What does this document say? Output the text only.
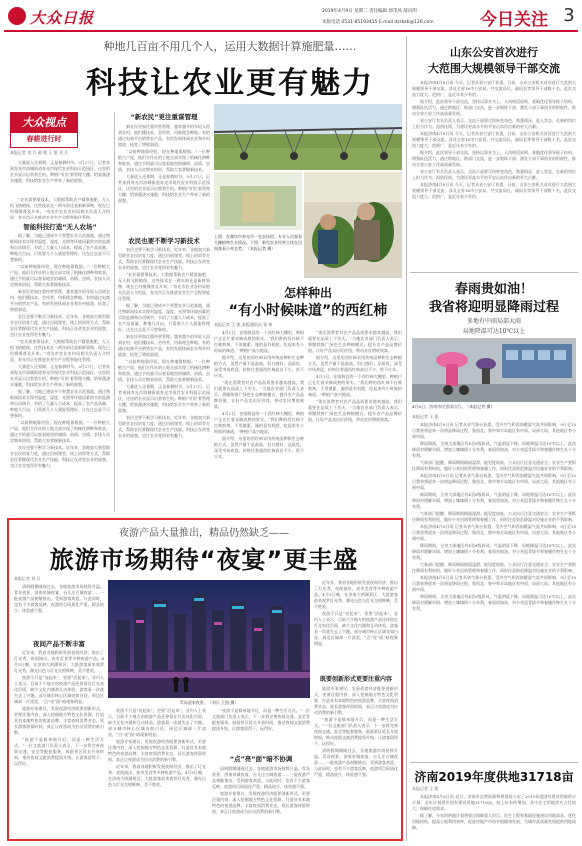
大众日报	2019年4月9日 星期二 责任编辑 郭茂凤 薛向明
本版电话 0531-85193415 E-mail dzrbzb@126.com	今日关注 3
种地几百亩不用几个人，运用大数据计算施肥量……
科技让农业更有魅力
大众视点
春耕进行时
本报记者 刘 兵 郝 桃 王 凯 刘 兵

大量进入还着期，正是春耕时节。3月27日，记者来到寿光市洛城街道寿光市现代农业科技示范园区，这里的农业显示出勃勃生机。种植户们忙着管理大棚，给果蔬浇水施肥，科技给农业生产带来了新的面貌。

“农业需要靠技术，大数据帮助农户精准施肥，无人机飞防植保，这些技术在一两年前还是新鲜事物，现在已经慢慢普及开来。”寿光市农业农村局相关负责人介绍说，寿光市正在推进农业生产全程智能化管理。

智能科技打造“无人农场”

据了解，当地已建成多个智慧农业示范基地，通过物联网技术实现对温度、湿度、光照等环境因素的实时监测和自动调节，节约了大量人力成本，提高了农产品质量。种地几百亩，只需要几个人就能管理好，这在过去是不可想象的。

“以前种地靠经验，现在种地靠数据。”一位种植大户说，他们合作社的土地全部实现了机械化耕种和收获，通过手机就可以查看地里的墒情、苗情、虫情。农技人员定期来培训，帮助大家掌握新技术。

新农民更加注重经营管理。越来越多的年轻人回到农村，他们懂技术、会经营，用新理念种地。有的通过电商平台销售农产品，有的发展休闲农业和乡村旅游，拓宽了增收渠道。

农民也要不断学习新技术。近年来，各地加大新型职业农民培育力度，通过田间课堂、线上培训等方式，帮助农民掌握现代农业生产技能。科技正在改变农业的面貌，也让农业变得更有魅力。

“农业需要靠技术，大数据帮助农户精准施肥，无人机飞防植保，这些技术在一两年前还是新鲜事物，现在已经慢慢普及开来。”寿光市农业农村局相关负责人介绍说，寿光市正在推进农业生产全程智能化管理。

大量进入还着期，正是春耕时节。3月27日，记者来到寿光市洛城街道寿光市现代农业科技示范园区，这里的农业显示出勃勃生机。种植户们忙着管理大棚，给果蔬浇水施肥，科技给农业生产带来了新的面貌。

据了解，当地已建成多个智慧农业示范基地，通过物联网技术实现对温度、湿度、光照等环境因素的实时监测和自动调节，节约了大量人力成本，提高了农产品质量。种地几百亩，只需要几个人就能管理好，这在过去是不可想象的。

“以前种地靠经验，现在种地靠数据。”一位种植大户说，他们合作社的土地全部实现了机械化耕种和收获，通过手机就可以查看地里的墒情、苗情、虫情。农技人员定期来培训，帮助大家掌握新技术。

农民也要不断学习新技术。近年来，各地加大新型职业农民培育力度，通过田间课堂、线上培训等方式，帮助农民掌握现代农业生产技能。科技正在改变农业的面貌，也让农业变得更有魅力。

“新农民”更注重谋管理

新农民更加注重经营管理。越来越多的年轻人回到农村，他们懂技术、会经营，用新理念种地。有的通过电商平台销售农产品，有的发展休闲农业和乡村旅游，拓宽了增收渠道。

“以前种地靠经验，现在种地靠数据。”一位种植大户说，他们合作社的土地全部实现了机械化耕种和收获，通过手机就可以查看地里的墒情、苗情、虫情。农技人员定期来培训，帮助大家掌握新技术。

大量进入还着期，正是春耕时节。3月27日，记者来到寿光市洛城街道寿光市现代农业科技示范园区，这里的农业显示出勃勃生机。种植户们忙着管理大棚，给果蔬浇水施肥，科技给农业生产带来了新的面貌。

农民也要不断学习新技术

农民也要不断学习新技术。近年来，各地加大新型职业农民培育力度，通过田间课堂、线上培训等方式，帮助农民掌握现代农业生产技能。科技正在改变农业的面貌，也让农业变得更有魅力。

“农业需要靠技术，大数据帮助农户精准施肥，无人机飞防植保，这些技术在一两年前还是新鲜事物，现在已经慢慢普及开来。”寿光市农业农村局相关负责人介绍说，寿光市正在推进农业生产全程智能化管理。

据了解，当地已建成多个智慧农业示范基地，通过物联网技术实现对温度、湿度、光照等环境因素的实时监测和自动调节，节约了大量人力成本，提高了农产品质量。种地几百亩，只需要几个人就能管理好，这在过去是不可想象的。

新农民更加注重经营管理。越来越多的年轻人回到农村，他们懂技术、会经营，用新理念种地。有的通过电商平台销售农产品，有的发展休闲农业和乡村旅游，拓宽了增收渠道。

“以前种地靠经验，现在种地靠数据。”一位种植大户说，他们合作社的土地全部实现了机械化耕种和收获，通过手机就可以查看地里的墒情、苗情、虫情。农技人员定期来培训，帮助大家掌握新技术。

大量进入还着期，正是春耕时节。3月27日，记者来到寿光市洛城街道寿光市现代农业科技示范园区，这里的农业显示出勃勃生机。种植户们忙着管理大棚，给果蔬浇水施肥，科技给农业生产带来了新的面貌。

农民也要不断学习新技术。近年来，各地加大新型职业农民培育力度，通过田间课堂、线上培训等方式，帮助农民掌握现代农业生产技能。科技正在改变农业的面貌，也让农业变得更有魅力。

上图：在潍坊市寿光市一处农场里，专业人员查看大棚植物生长情况。下图：新型农业经营主体在田间查看小麦长势。（本报记者 摄）
怎样种出
“有小时候味道”的西红柿
本报记者 王 凯 本报通讯员 张 伟

4月2日，在临朐县的一个西红柿大棚里，种植户正在忙着采摘成熟的果实。“我们种的西红柿不打催熟剂，不用激素，施的是有机肥，吃起来有小时候的味道。”种植户高兴地说。

据介绍，这里的西红柿采用传统品种和生态种植方式，虽然产量不是最高，但口感好、品质优，深受市场欢迎，价格比普通西红柿高出不少，供不应求。

“现在消费者对农产品品质要求越来越高，我们就要在品质上下功夫。”当地农业部门负责人表示，将继续推广绿色生态种植模式，提升农产品品牌价值，让好产品卖出好价钱，带动农民增收致富。

4月2日，在临朐县的一个西红柿大棚里，种植户正在忙着采摘成熟的果实。“我们种的西红柿不打催熟剂，不用激素，施的是有机肥，吃起来有小时候的味道。”种植户高兴地说。

据介绍，这里的西红柿采用传统品种和生态种植方式，虽然产量不是最高，但口感好、品质优，深受市场欢迎，价格比普通西红柿高出不少，供不应求。

“现在消费者对农产品品质要求越来越高，我们就要在品质上下功夫。”当地农业部门负责人表示，将继续推广绿色生态种植模式，提升农产品品牌价值，让好产品卖出好价钱，带动农民增收致富。

据介绍，这里的西红柿采用传统品种和生态种植方式，虽然产量不是最高，但口感好、品质优，深受市场欢迎，价格比普通西红柿高出不少，供不应求。

4月2日，在临朐县的一个西红柿大棚里，种植户正在忙着采摘成熟的果实。“我们种的西红柿不打催熟剂，不用激素，施的是有机肥，吃起来有小时候的味道。”种植户高兴地说。

“现在消费者对农产品品质要求越来越高，我们就要在品质上下功夫。”当地农业部门负责人表示，将继续推广绿色生态种植模式，提升农产品品牌价值，让好产品卖出好价钱，带动农民增收致富。

夜游产品大量推出，精品仍然缺乏——
旅游市场期待“夜宴”更丰盛
本报记者 刘 兵

清明假期刚刚过去，各地旅游市场持续升温。青岛夜景、济南泉城夜宴、台儿庄古城夜游……一批夜游产品相继推出，受到游客欢迎。与此同时，也有不少游客反映，夜游项目同质化严重，精品较少，体验感不强。

夜间产品不断丰富

近年来，我省各地积极发展夜间经济，推出了灯光秀、夜间演出、夜市美食等多种夜游产品。4月5日晚，在济南大明湖景区，大批游客前来观赏灯光秀，湖光山色与灯光交相辉映，美不胜收。

夜游不只是“亮起来”，更要“活起来”。业内人士表示，目前不少地方的夜游产品还停留在灯光亮化层面，缺少文化内涵和互动体验，游客看一次就失去了兴趣。部分城市核心区域亮如白昼，周边区域却一片漆黑，“点”亮“面”暗现象明显。

旅游专家建议，发展夜游经济既要创新形式，更要注重内容，深入挖掘地方特色文化资源，打造具有本地特色的夜游品牌，丰富夜间消费业态，延长游客停留时间，真正让夜游成为拉动消费的新引擎。

“夜游不是简单地开灯，而是一种生活方式。”一位文旅部门负责人表示，下一步将完善夜间交通、安全等配套服务，鼓励景区延长开放时间，推动夜间文旅消费提质升级，让游客留得下、玩得好。

青岛迎来夜景。（刘兵 王凯 摄）

夜游不只是“亮起来”，更要“活起来”。业内人士表示，目前不少地方的夜游产品还停留在灯光亮化层面，缺少文化内涵和互动体验，游客看一次就失去了兴趣。部分城市核心区域亮如白昼，周边区域却一片漆黑，“点”亮“面”暗现象明显。

旅游专家建议，发展夜游经济既要创新形式，更要注重内容，深入挖掘地方特色文化资源，打造具有本地特色的夜游品牌，丰富夜间消费业态，延长游客停留时间，真正让夜游成为拉动消费的新引擎。

近年来，我省各地积极发展夜间经济，推出了灯光秀、夜间演出、夜市美食等多种夜游产品。4月5日晚，在济南大明湖景区，大批游客前来观赏灯光秀，湖光山色与灯光交相辉映，美不胜收。

“夜游不是简单地开灯，而是一种生活方式。”一位文旅部门负责人表示，下一步将完善夜间交通、安全等配套服务，鼓励景区延长开放时间，推动夜间文旅消费提质升级，让游客留得下、玩得好。

“点”亮“面”暗不协调

清明假期刚刚过去，各地旅游市场持续升温。青岛夜景、济南泉城夜宴、台儿庄古城夜游……一批夜游产品相继推出，受到游客欢迎。与此同时，也有不少游客反映，夜游项目同质化严重，精品较少，体验感不强。

旅游专家建议，发展夜游经济既要创新形式，更要注重内容，深入挖掘地方特色文化资源，打造具有本地特色的夜游品牌，丰富夜间消费业态，延长游客停留时间，真正让夜游成为拉动消费的新引擎。

近年来，我省各地积极发展夜间经济，推出了灯光秀、夜间演出、夜市美食等多种夜游产品。4月5日晚，在济南大明湖景区，大批游客前来观赏灯光秀，湖光山色与灯光交相辉映，美不胜收。

夜游不只是“亮起来”，更要“活起来”。业内人士表示，目前不少地方的夜游产品还停留在灯光亮化层面，缺少文化内涵和互动体验，游客看一次就失去了兴趣。部分城市核心区域亮如白昼，周边区域却一片漆黑，“点”亮“面”暗现象明显。

既要创新形式更要注重内容

旅游专家建议，发展夜游经济既要创新形式，更要注重内容，深入挖掘地方特色文化资源，打造具有本地特色的夜游品牌，丰富夜间消费业态，延长游客停留时间，真正让夜游成为拉动消费的新引擎。

“夜游不是简单地开灯，而是一种生活方式。”一位文旅部门负责人表示，下一步将完善夜间交通、安全等配套服务，鼓励景区延长开放时间，推动夜间文旅消费提质升级，让游客留得下、玩得好。

清明假期刚刚过去，各地旅游市场持续升温。青岛夜景、济南泉城夜宴、台儿庄古城夜游……一批夜游产品相继推出，受到游客欢迎。与此同时，也有不少游客反映，夜游项目同质化严重，精品较少，体验感不强。

山东公安首次进行
大范围大规模领导干部交流

本报济南4月8日讯 今天，记者从省公安厅获悉，日前，山东公安机关首次进行大范围大规模领导干部交流，涉及全省16市公安局，共交流局长、副局长等领导干部数十名。此次交流力度大、范围广，是近年来少有的。

据介绍，此次领导干部交流，坚持以事业为上、人岗相适原则，着眼优化领导班子结构、增强队伍活力，通过跨地区、跨部门交流，进一步锻炼干部、激发干部干事创业的积极性，推动全省公安工作高质量发展。

省公安厅有关负责人表示，交流干部要尽快转变角色、熟悉情况、进入状态，在新的岗位上担当作为、再创佳绩，为建设更高水平的平安山东作出新的更大贡献。

本报济南4月8日讯 今天，记者从省公安厅获悉，日前，山东公安机关首次进行大范围大规模领导干部交流，涉及全省16市公安局，共交流局长、副局长等领导干部数十名。此次交流力度大、范围广，是近年来少有的。

据介绍，此次领导干部交流，坚持以事业为上、人岗相适原则，着眼优化领导班子结构、增强队伍活力，通过跨地区、跨部门交流，进一步锻炼干部、激发干部干事创业的积极性，推动全省公安工作高质量发展。

省公安厅有关负责人表示，交流干部要尽快转变角色、熟悉情况、进入状态，在新的岗位上担当作为、再创佳绩，为建设更高水平的平安山东作出新的更大贡献。

本报济南4月8日讯 今天，记者从省公安厅获悉，日前，山东公安机关首次进行大范围大规模领导干部交流，涉及全省16市公安局，共交流局长、副局长等领导干部数十名。此次交流力度大、范围广，是近年来少有的。

春雨贵如油！
我省将迎明显降雨过程
多地有中雨局部大雨
局地降温可达10℃以上
4月8日，济南市民冒雨出行。（本报记者 摄）
本报记者 王 凯

本报济南4月8日讯 记者从省气象台获悉，受冷空气和西南暖湿气流共同影响，9日至10日我省将迎来一次明显降雨过程，鲁西北、鲁中和半岛地区有中雨，局部大雨，其他地区有小到中雨。

降雨期间，全省大部地区有4至6级阵风，气温明显下降，局地降温可达10℃以上。此次降雨对缓解旱情、增加土壤墒情十分有利，春雨贵如油，对小麦返青拔节和春播作物生长十分有利。

气象部门提醒，降雨期间路面湿滑，能见度较低，公众出行注意交通安全；农业生产要抓住降雨有利时机，做好小麦田间管理和春播工作，同时注意防范降温对设施农业的不利影响。

本报济南4月8日讯 记者从省气象台获悉，受冷空气和西南暖湿气流共同影响，9日至10日我省将迎来一次明显降雨过程，鲁西北、鲁中和半岛地区有中雨，局部大雨，其他地区有小到中雨。

降雨期间，全省大部地区有4至6级阵风，气温明显下降，局地降温可达10℃以上。此次降雨对缓解旱情、增加土壤墒情十分有利，春雨贵如油，对小麦返青拔节和春播作物生长十分有利。

气象部门提醒，降雨期间路面湿滑，能见度较低，公众出行注意交通安全；农业生产要抓住降雨有利时机，做好小麦田间管理和春播工作，同时注意防范降温对设施农业的不利影响。

本报济南4月8日讯 记者从省气象台获悉，受冷空气和西南暖湿气流共同影响，9日至10日我省将迎来一次明显降雨过程，鲁西北、鲁中和半岛地区有中雨，局部大雨，其他地区有小到中雨。

降雨期间，全省大部地区有4至6级阵风，气温明显下降，局地降温可达10℃以上。此次降雨对缓解旱情、增加土壤墒情十分有利，春雨贵如油，对小麦返青拔节和春播作物生长十分有利。

气象部门提醒，降雨期间路面湿滑，能见度较低，公众出行注意交通安全；农业生产要抓住降雨有利时机，做好小麦田间管理和春播工作，同时注意防范降温对设施农业的不利影响。

本报济南4月8日讯 记者从省气象台获悉，受冷空气和西南暖湿气流共同影响，9日至10日我省将迎来一次明显降雨过程，鲁西北、鲁中和半岛地区有中雨，局部大雨，其他地区有小到中雨。

降雨期间，全省大部地区有4至6级阵风，气温明显下降，局地降温可达10℃以上。此次降雨对缓解旱情、增加土壤墒情十分有利，春雨贵如油，对小麦返青拔节和春播作物生长十分有利。

济南2019年度供地31718亩
本报记者 王 凯

本报济南4月8日讯 近日，济南市自然资源和规划局公布了2019年度国有建设用地供应计划，全年计划供应国有建设用地31718亩，较上年有所增加，其中住宅用地供应占比较大，保障住房需求。

据了解，今年的供地计划将重点保障重大项目、民生工程和基础设施建设用地需求，优化用地结构，提高土地利用效率，促进房地产市场平稳健康发展，为城市高质量发展提供用地保障。
